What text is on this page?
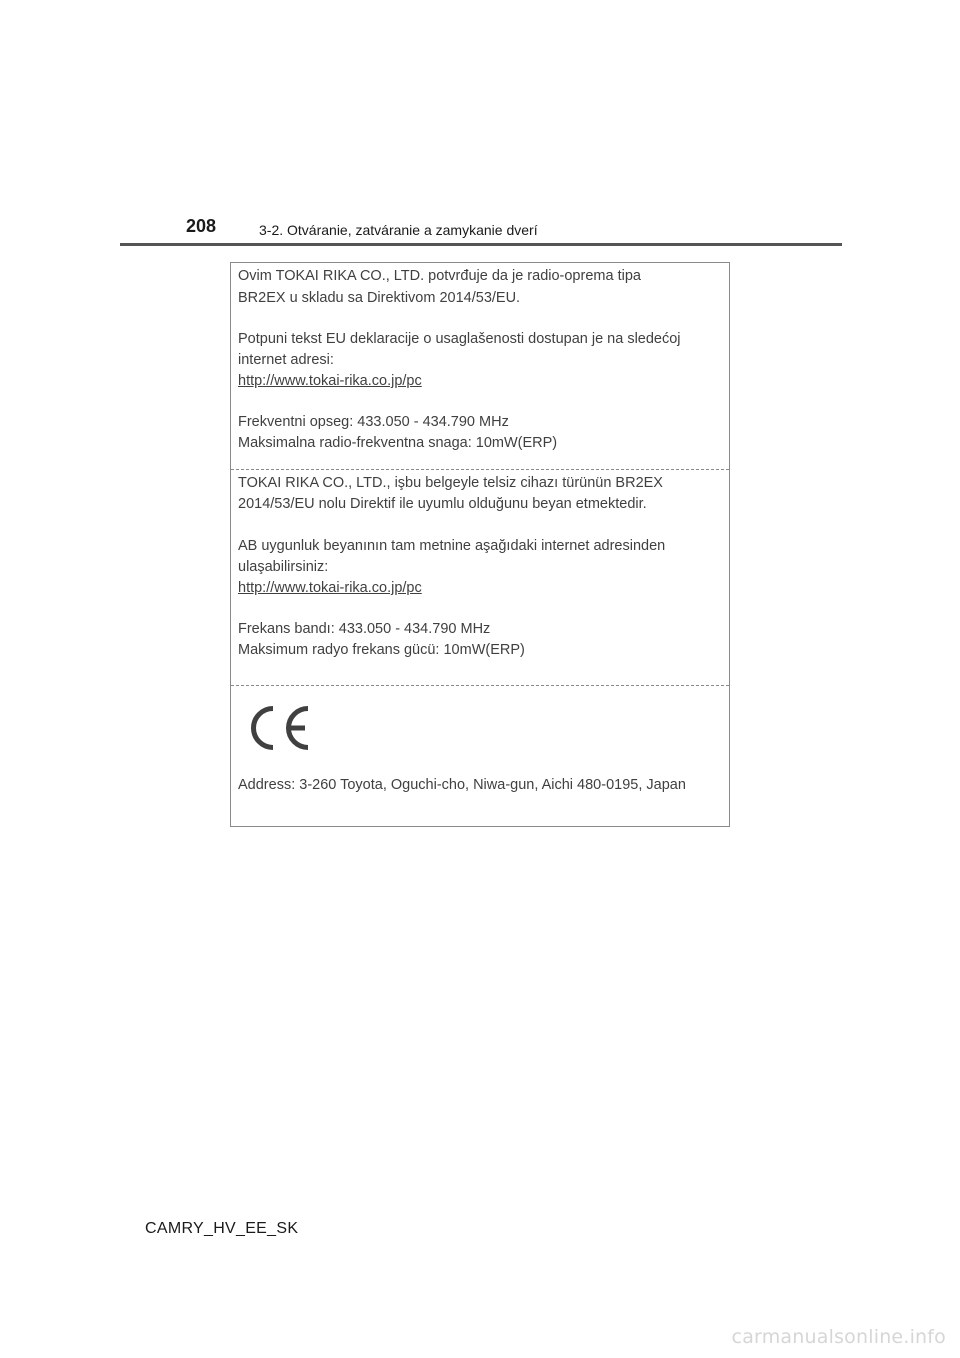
208	3-2. Otváranie, zatváranie a zamykanie dverí
Ovim TOKAI RIKA CO., LTD. potvrđuje da je radio-oprema tipa
BR2EX u skladu sa Direktivom 2014/53/EU.
Potpuni tekst EU deklaracije o usaglašenosti dostupan je na sledećoj
internet adresi:
http://www.tokai-rika.co.jp/pc
Frekventni opseg: 433.050 - 434.790 MHz
Maksimalna radio-frekventna snaga: 10mW(ERP)
TOKAI RIKA CO., LTD., işbu belgeyle telsiz cihazı türünün BR2EX
2014/53/EU nolu Direktif ile uyumlu olduğunu beyan etmektedir.
AB uygunluk beyanının tam metnine aşağıdaki internet adresinden
ulaşabilirsiniz:
http://www.tokai-rika.co.jp/pc
Frekans bandı: 433.050 - 434.790 MHz
Maksimum radyo frekans gücü: 10mW(ERP)
Address: 3-260 Toyota, Oguchi-cho, Niwa-gun, Aichi 480-0195, Japan
CAMRY_HV_EE_SK
carmanualsonline.info
